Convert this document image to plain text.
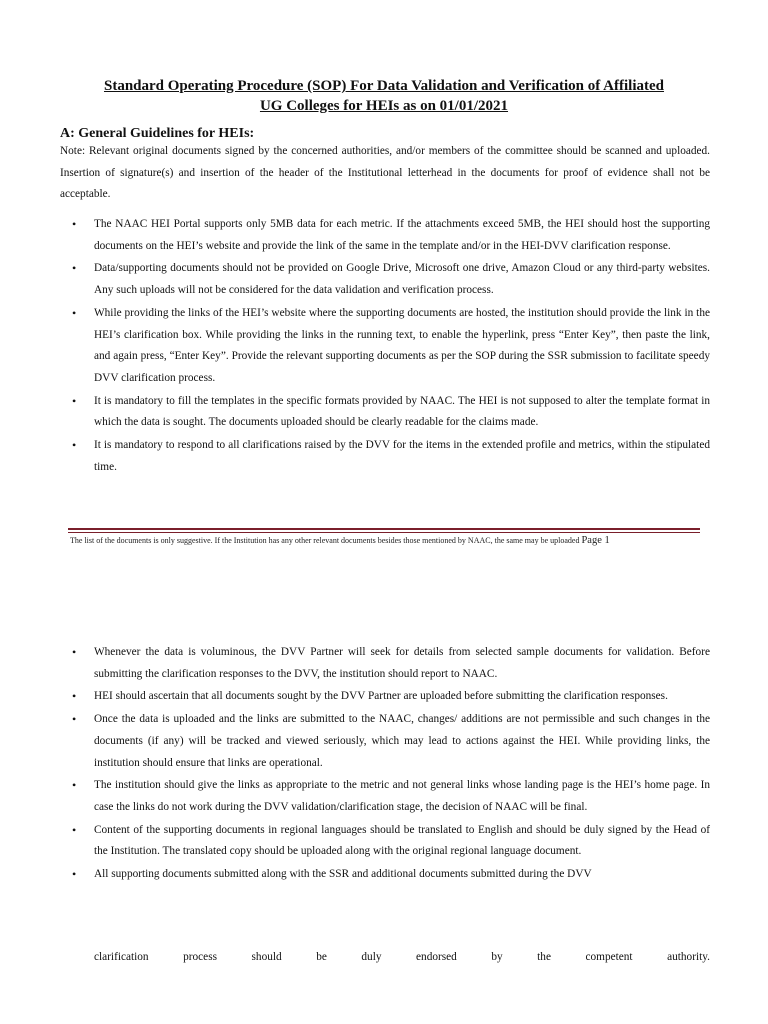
Standard Operating Procedure (SOP) For Data Validation and Verification of Affiliated
UG Colleges for HEIs as on 01/01/2021
A: General Guidelines for HEIs:

Note: Relevant original documents signed by the concerned authorities, and/or members of the committee should be scanned and uploaded. Insertion of signature(s) and insertion of the header of the Institutional letterhead in the documents for proof of evidence shall not be acceptable.

• The NAAC HEI Portal supports only 5MB data for each metric. If the attachments exceed 5MB, the HEI should host the supporting documents on the HEI’s website and provide the link of the same in the template and/or in the HEI-DVV clarification response.
• Data/supporting documents should not be provided on Google Drive, Microsoft one drive, Amazon Cloud or any third-party websites. Any such uploads will not be considered for the data validation and verification process.
• While providing the links of the HEI’s website where the supporting documents are hosted, the institution should provide the link in the HEI’s clarification box. While providing the links in the running text, to enable the hyperlink, press “Enter Key”, then paste the link, and again press, “Enter Key”. Provide the relevant supporting documents as per the SOP during the SSR submission to facilitate speedy DVV clarification process.
• It is mandatory to fill the templates in the specific formats provided by NAAC. The HEI is not supposed to alter the template format in which the data is sought. The documents uploaded should be clearly readable for the claims made.
• It is mandatory to respond to all clarifications raised by the DVV for the items in the extended profile and metrics, within the stipulated time.

The list of the documents is only suggestive. If the Institution has any other relevant documents besides those mentioned by NAAC, the same may be uploaded Page 1

• Whenever the data is voluminous, the DVV Partner will seek for details from selected sample documents for validation. Before submitting the clarification responses to the DVV, the institution should report to NAAC.
• HEI should ascertain that all documents sought by the DVV Partner are uploaded before submitting the clarification responses.
• Once the data is uploaded and the links are submitted to the NAAC, changes/ additions are not permissible and such changes in the documents (if any) will be tracked and viewed seriously, which may lead to actions against the HEI. While providing links, the institution should ensure that links are operational.
• The institution should give the links as appropriate to the metric and not general links whose landing page is the HEI’s home page. In case the links do not work during the DVV validation/clarification stage, the decision of NAAC will be final.
• Content of the supporting documents in regional languages should be translated to English and should be duly signed by the Head of the Institution. The translated copy should be uploaded along with the original regional language document.
• All supporting documents submitted along with the SSR and additional documents submitted during the DVV

clarification	process	should	be	duly	endorsed	by	the	competent	authority.
